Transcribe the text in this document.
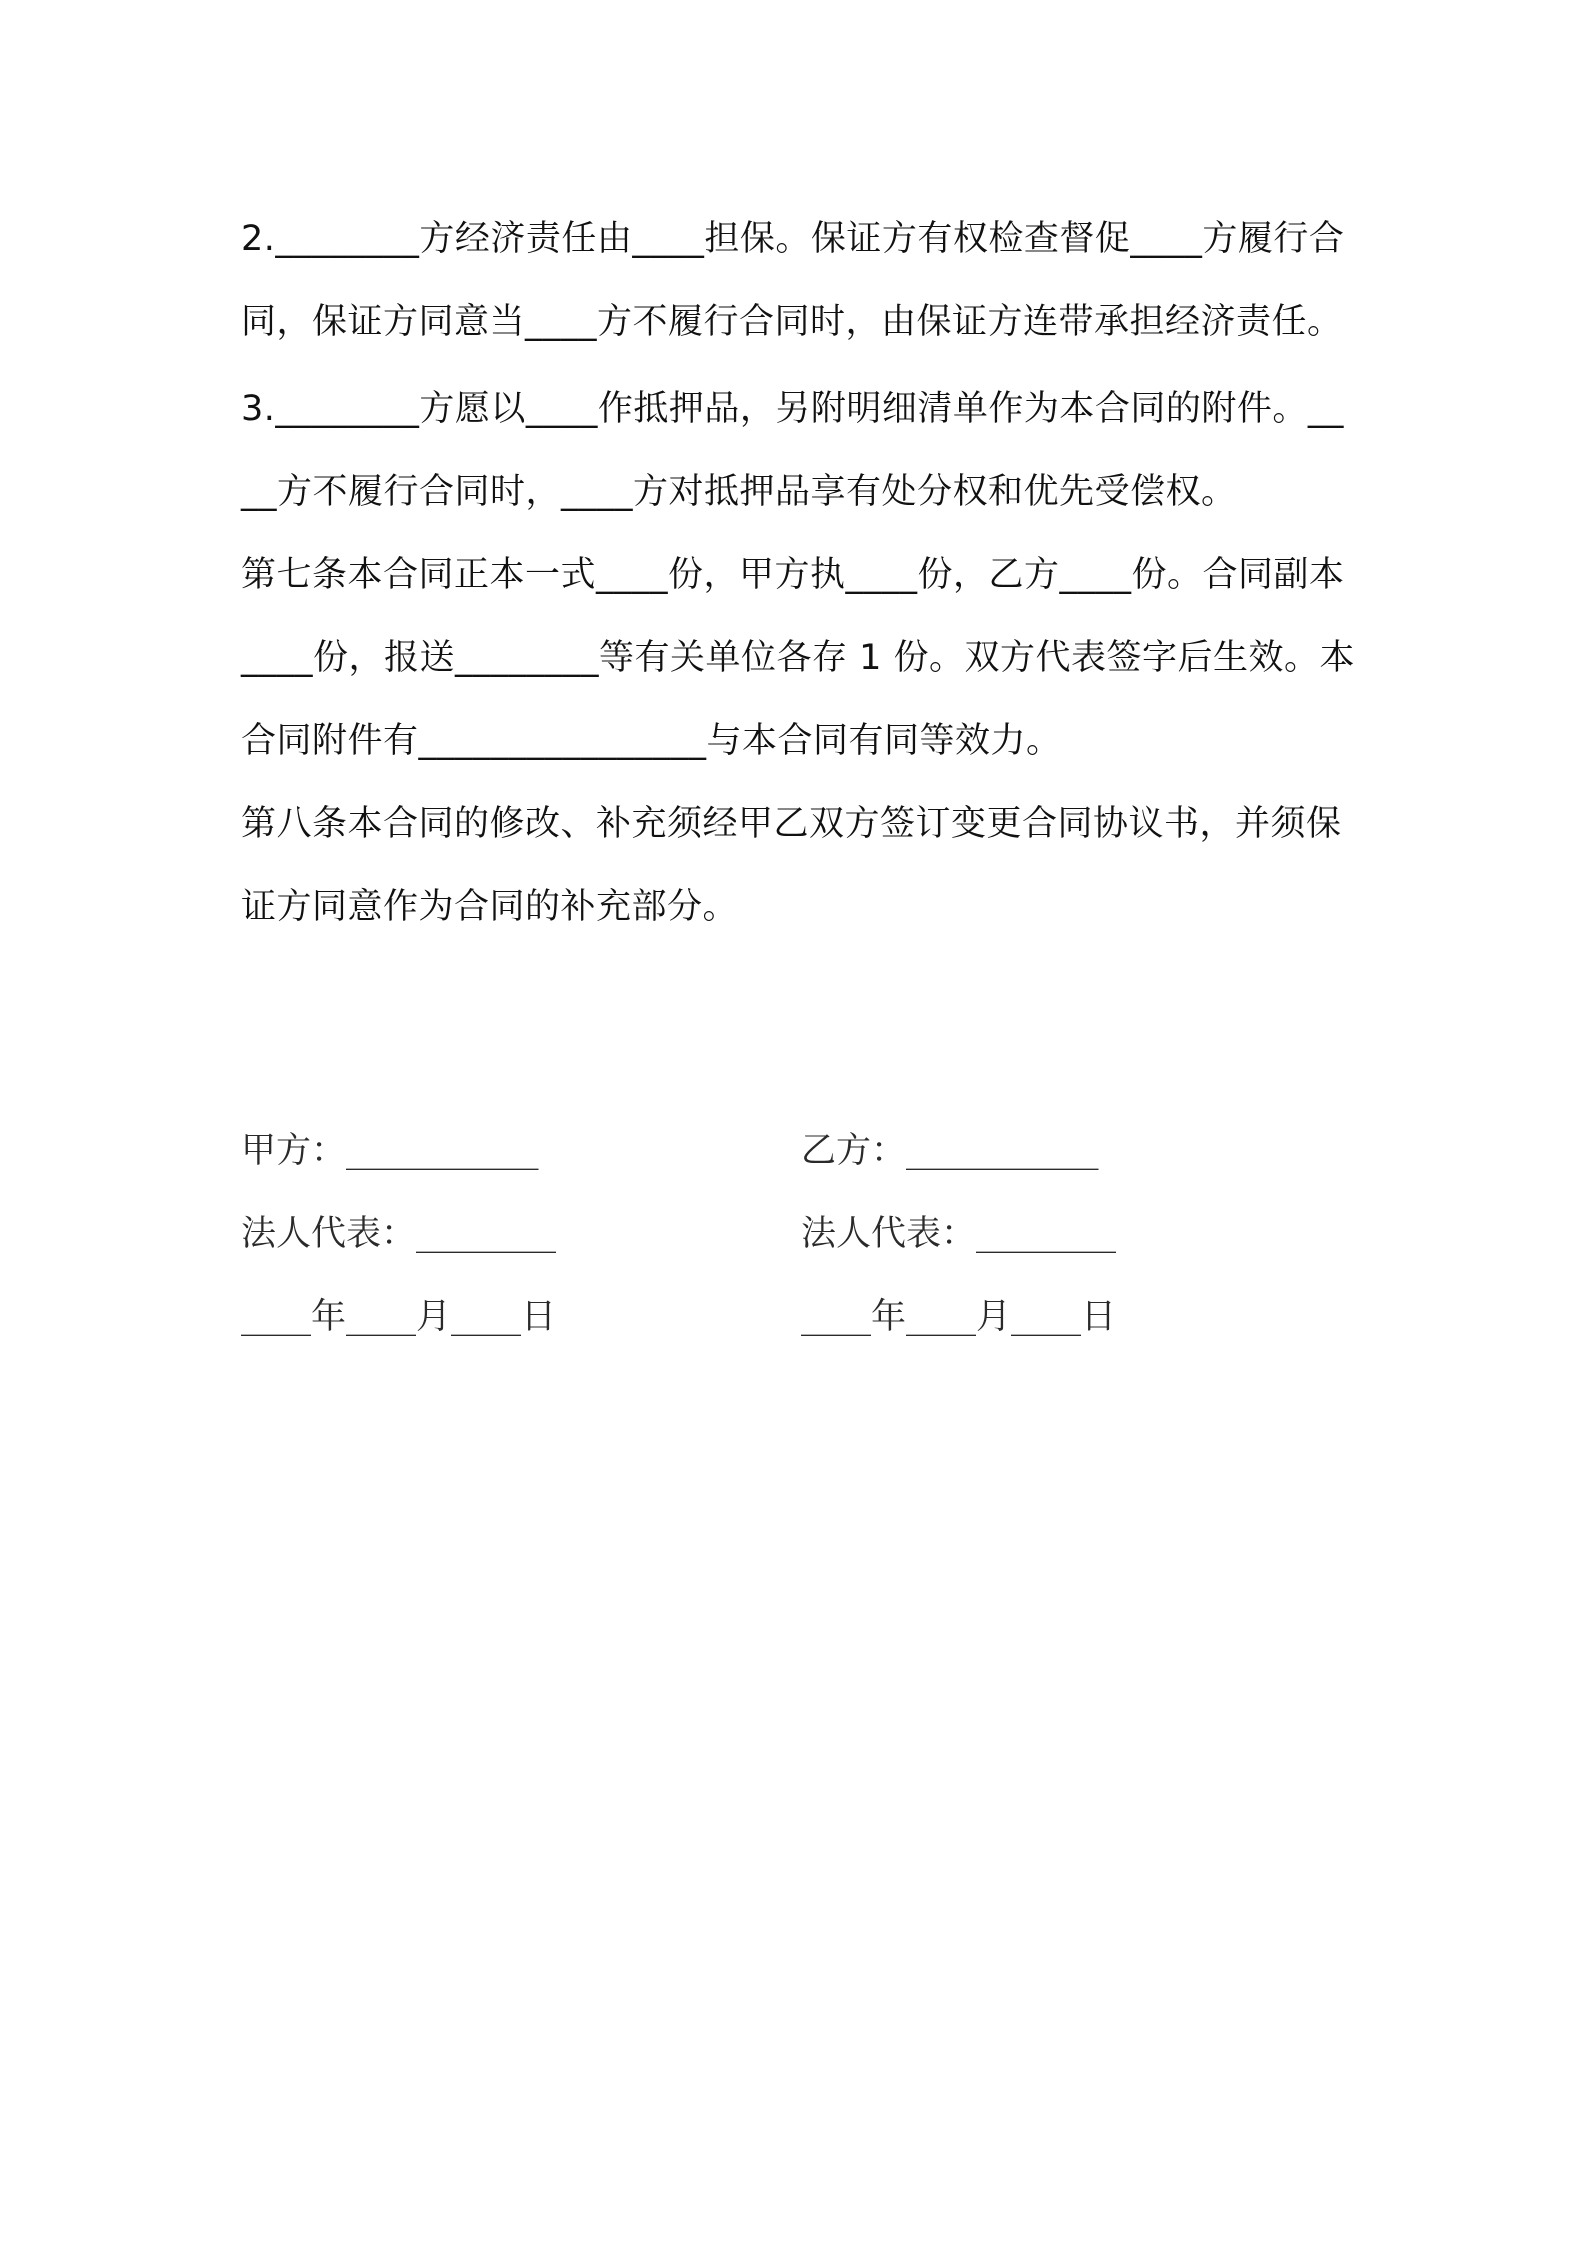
2.________方经济责任由____担保。保证方有权检查督促____方履行合同，保证方同意当____方不履行合同时，由保证方连带承担经济责任。

3.________方愿以____作抵押品，另附明细清单作为本合同的附件。____方不履行合同时，____方对抵押品享有处分权和优先受偿权。

第七条本合同正本一式____份，甲方执____份，乙方____份。合同副本____份，报送________等有关单位各存 1 份。双方代表签字后生效。本合同附件有________________与本合同有同等效力。

第八条本合同的修改、补充须经甲乙双方签订变更合同协议书，并须保证方同意作为合同的补充部分。

甲方：___________	乙方：___________
法人代表：________	法人代表：________
____年____月____日	____年____月____日
